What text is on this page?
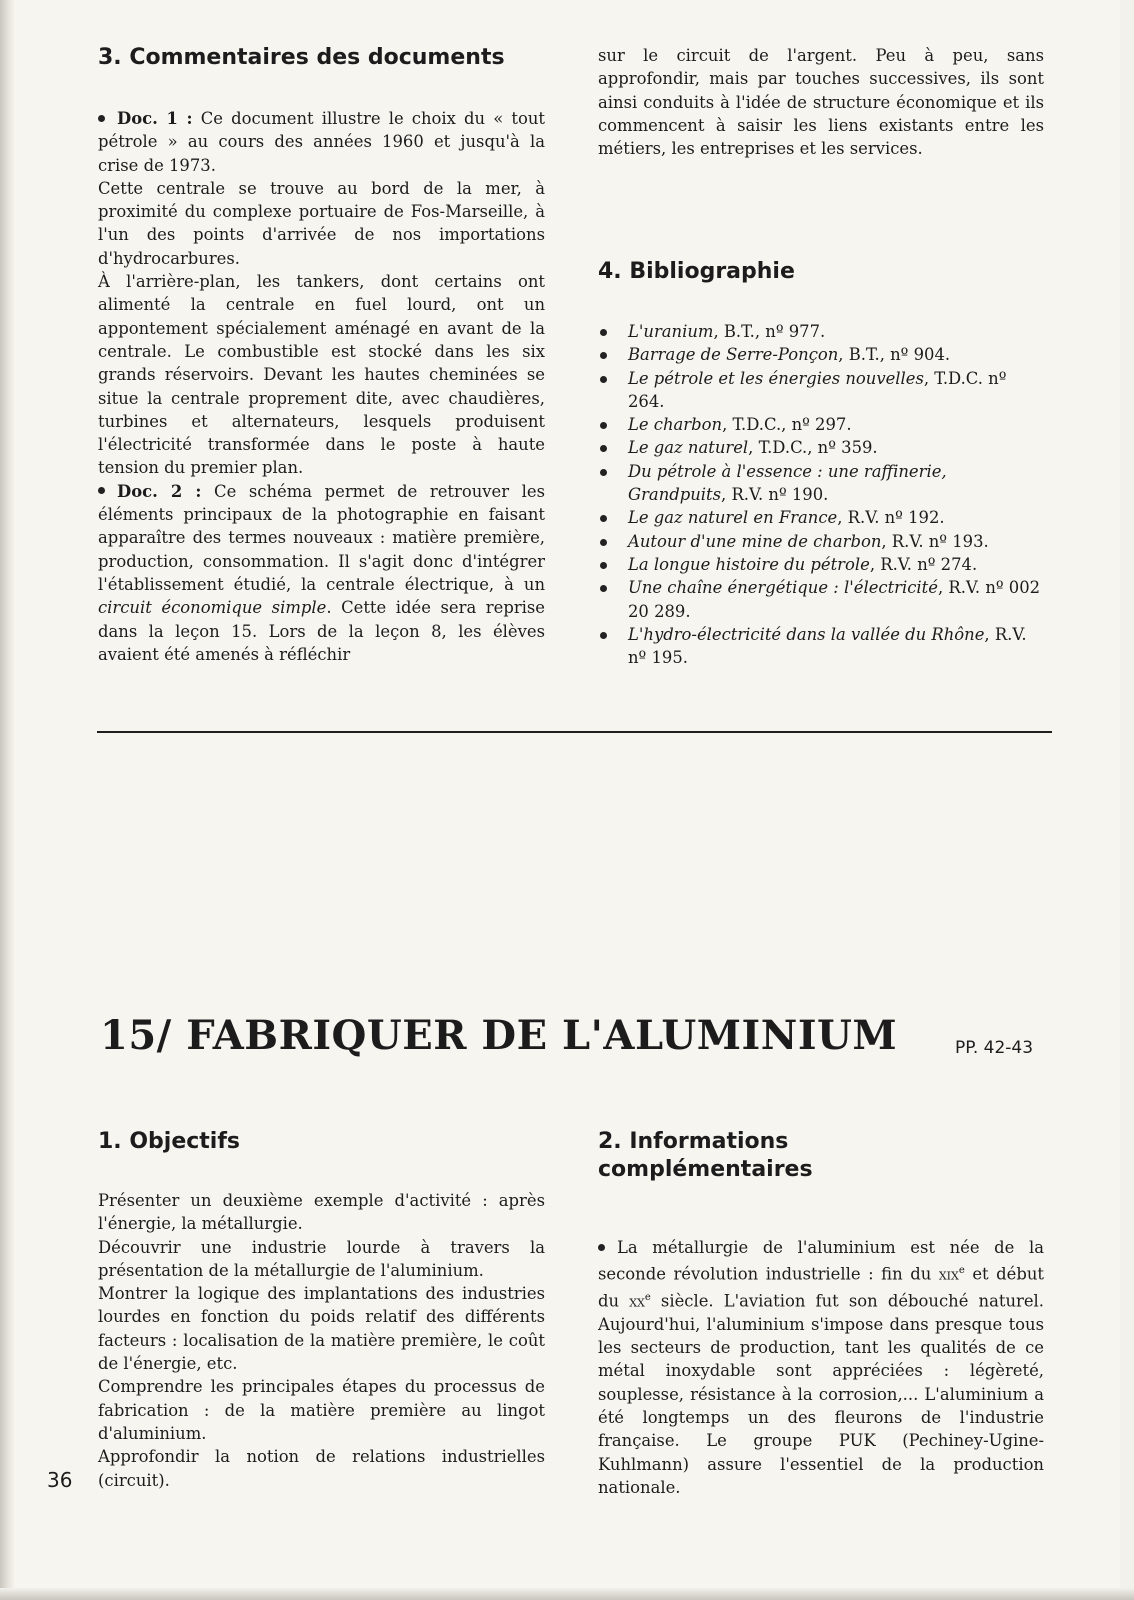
3. Commentaires des documents

Doc. 1 : Ce document illustre le choix du « tout pétrole » au cours des années 1960 et jusqu'à la crise de 1973.

Cette centrale se trouve au bord de la mer, à proximité du complexe portuaire de Fos-Marseille, à l'un des points d'arrivée de nos importations d'hydrocarbures.

À l'arrière-plan, les tankers, dont certains ont alimenté la centrale en fuel lourd, ont un appontement spécialement aménagé en avant de la centrale. Le combustible est stocké dans les six grands réservoirs. Devant les hautes cheminées se situe la centrale proprement dite, avec chaudières, turbines et alternateurs, lesquels produisent l'électricité transformée dans le poste à haute tension du premier plan.

Doc. 2 : Ce schéma permet de retrouver les éléments principaux de la photographie en faisant apparaître des termes nouveaux : matière première, production, consommation. Il s'agit donc d'intégrer l'établissement étudié, la centrale électrique, à un circuit économique simple. Cette idée sera reprise dans la leçon 15. Lors de la leçon 8, les élèves avaient été amenés à réfléchir

sur le circuit de l'argent. Peu à peu, sans approfondir, mais par touches successives, ils sont ainsi conduits à l'idée de structure économique et ils commencent à saisir les liens existants entre les métiers, les entreprises et les services.

4. Bibliographie
L'uranium, B.T., nº 977.
Barrage de Serre-Ponçon, B.T., nº 904.
Le pétrole et les énergies nouvelles, T.D.C. nº 264.
Le charbon, T.D.C., nº 297.
Le gaz naturel, T.D.C., nº 359.
Du pétrole à l'essence : une raffinerie, Grandpuits, R.V. nº 190.
Le gaz naturel en France, R.V. nº 192.
Autour d'une mine de charbon, R.V. nº 193.
La longue histoire du pétrole, R.V. nº 274.
Une chaîne énergétique : l'électricité, R.V. nº 002 20 289.
L'hydro-électricité dans la vallée du Rhône, R.V. nº 195.
15/ FABRIQUER DE L'ALUMINIUM	PP. 42-43
1. Objectifs

Présenter un deuxième exemple d'activité : après l'énergie, la métallurgie.

Découvrir une industrie lourde à travers la présentation de la métallurgie de l'aluminium.

Montrer la logique des implantations des industries lourdes en fonction du poids relatif des différents facteurs : localisation de la matière première, le coût de l'énergie, etc.

Comprendre les principales étapes du processus de fabrication : de la matière première au lingot d'aluminium.

Approfondir la notion de relations industrielles (circuit).

2. Informations
complémentaires

La métallurgie de l'aluminium est née de la seconde révolution industrielle : fin du xix$^e$ et début du $xx^e$ siècle. L'aviation fut son débouché naturel. Aujourd'hui, l'aluminium s'impose dans presque tous les secteurs de production, tant les qualités de ce métal inoxydable sont appréciées : légèreté, souplesse, résistance à la corrosion,... L'aluminium a été longtemps un des fleurons de l'industrie française. Le groupe PUK (Pechiney-Ugine-Kuhlmann) assure l'essentiel de la production nationale.

36
